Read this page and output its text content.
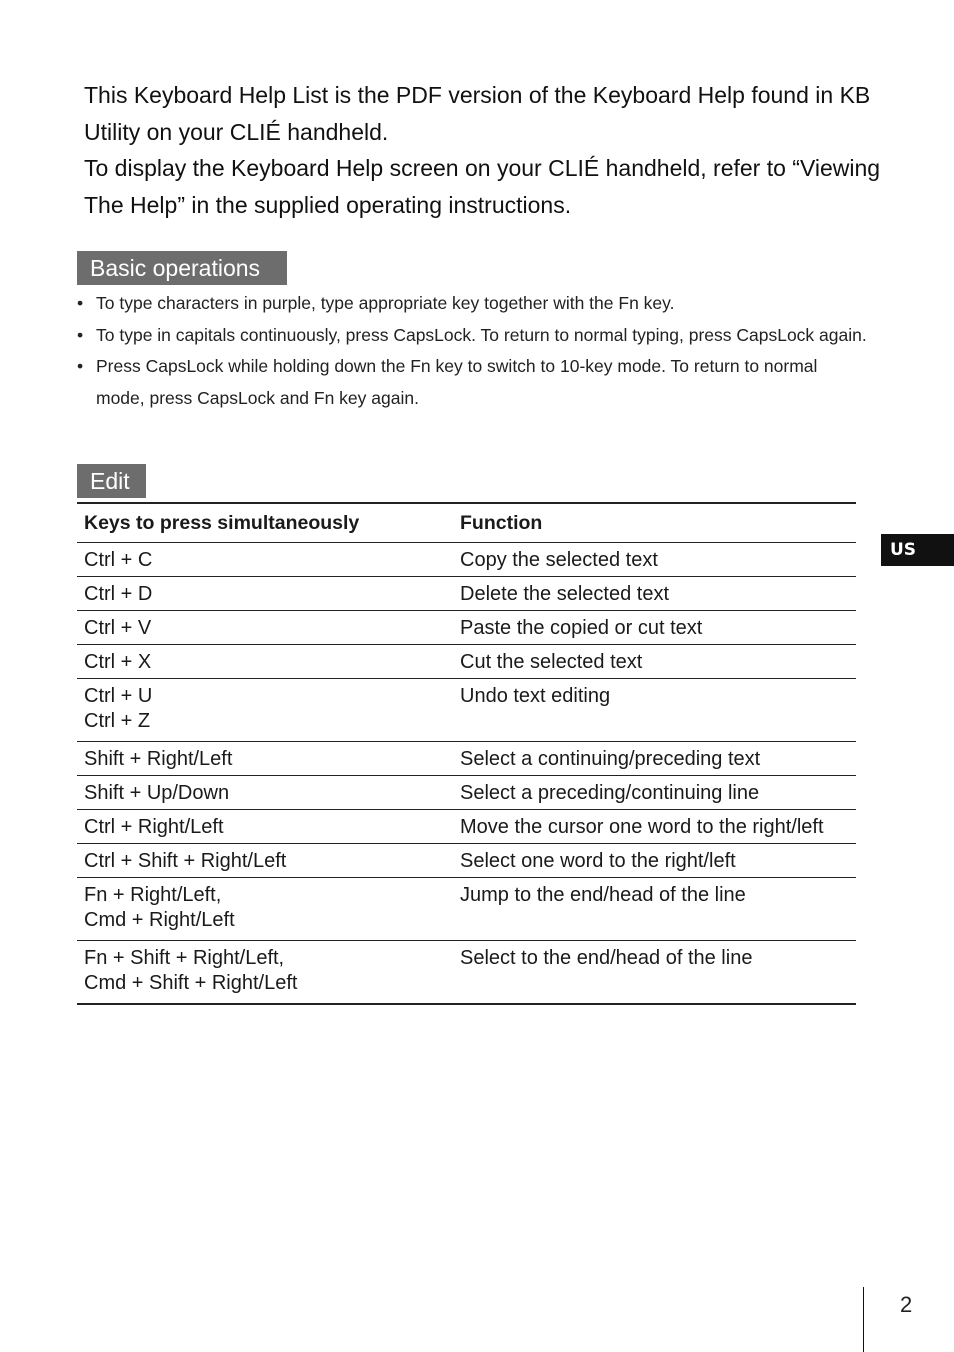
This Keyboard Help List is the PDF version of the Keyboard Help found in KB Utility on your CLIÉ handheld.

To display the Keyboard Help screen on your CLIÉ handheld, refer to “Viewing The Help” in the supplied operating instructions.

Basic operations
• To type characters in purple, type appropriate key together with the Fn key.
• To type in capitals continuously, press CapsLock. To return to normal typing, press CapsLock again.
• Press CapsLock while holding down the Fn key to switch to 10-key mode. To return to normal mode, press CapsLock and Fn key again.
Edit
Keys to press simultaneously	Function

Ctrl + C	Copy the selected text

Ctrl + D	Delete the selected text

Ctrl + V	Paste the copied or cut text

Ctrl + X	Cut the selected text

Ctrl + U
Ctrl + Z	Undo text editing

Shift + Right/Left	Select a continuing/preceding text

Shift + Up/Down	Select a preceding/continuing line

Ctrl + Right/Left	Move the cursor one word to the right/left

Ctrl + Shift + Right/Left	Select one word to the right/left

Fn + Right/Left,
Cmd + Right/Left	Jump to the end/head of the line

Fn + Shift + Right/Left,
Cmd + Shift + Right/Left	Select to the end/head of the line
US
2
